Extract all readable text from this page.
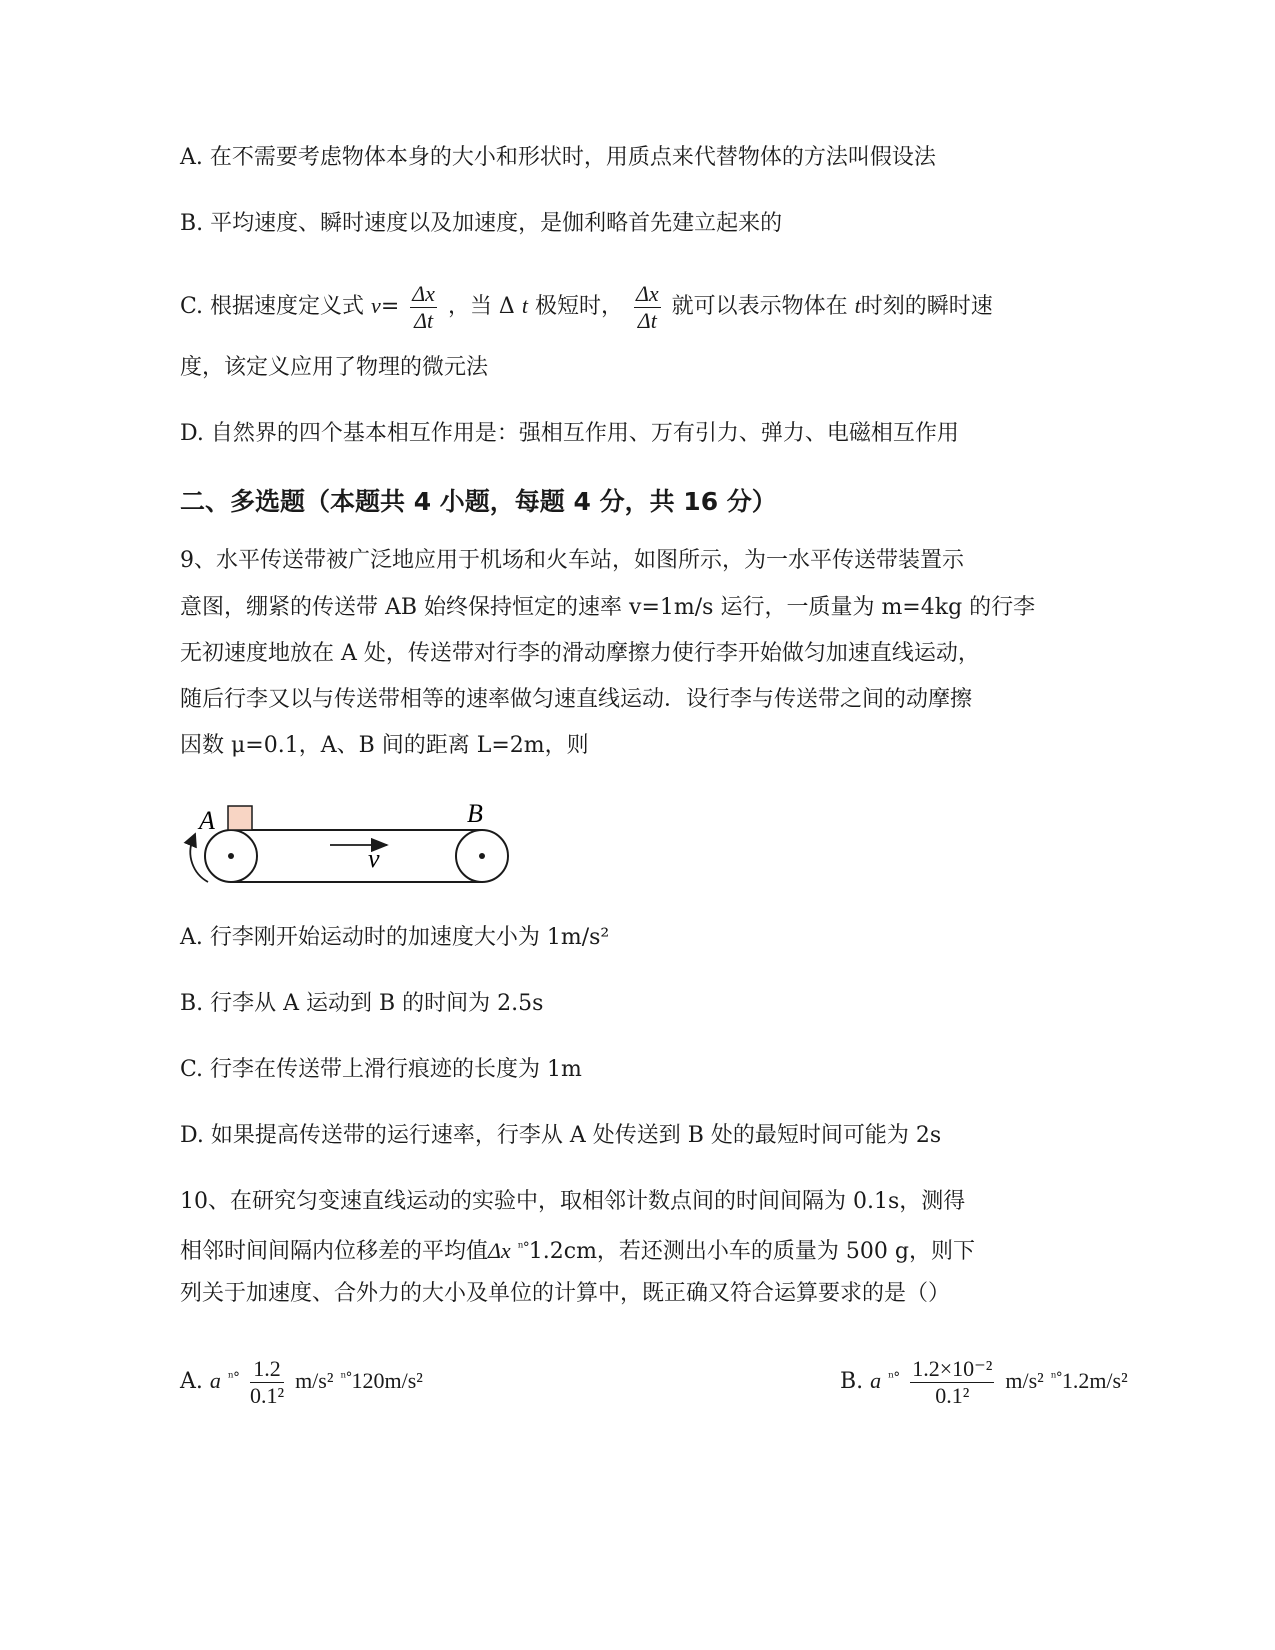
A. 在不需要考虑物体本身的大小和形状时，用质点来代替物体的方法叫假设法
B. 平均速度、瞬时速度以及加速度，是伽利略首先建立起来的
C. 根据速度定义式 $v= \frac{\Delta x}{\Delta t}$ ，当 Δ t 极短时， $\frac{\Delta x}{\Delta t}$ 就可以表示物体在 t时刻的瞬时速
度，该定义应用了物理的微元法
D. 自然界的四个基本相互作用是：强相互作用、万有引力、弹力、电磁相互作用
二、多选题（本题共 4 小题，每题 4 分，共 16 分）
9、水平传送带被广泛地应用于机场和火车站，如图所示，为一水平传送带装置示
意图，绷紧的传送带 AB 始终保持恒定的速率 v=1m/s 运行，一质量为 m=4kg 的行李
无初速度地放在 A 处，传送带对行李的滑动摩擦力使行李开始做匀加速直线运动，
随后行李又以与传送带相等的速率做匀速直线运动．设行李与传送带之间的动摩擦
因数 μ=0.1，A、B 间的距离 L=2m，则
A	B
v
A. 行李刚开始运动时的加速度大小为 1m/s²
B. 行李从 A 运动到 B 的时间为 2.5s
C. 行李在传送带上滑行痕迹的长度为 1m
D. 如果提高传送带的运行速率，行李从 A 处传送到 B 处的最短时间可能为 2s
10、在研究匀变速直线运动的实验中，取相邻计数点间的时间间隔为 0.1s，测得
相邻时间间隔内位移差的平均值Δx $^{^n^\circ}$1.2cm，若还测出小车的质量为 500 g，则下
列关于加速度、合外力的大小及单位的计算中，既正确又符合运算要求的是（）
A. a $^{^n^\circ} \frac{1.2}{\text{0.1²}} m/s^2$ $^{^n^\circ}$120m/s²	B. a $^{^n^\circ} \frac{\text{1.2×10⁻²}}{\text{0.1²}} m/s^2$ $^{^n^\circ}$1.2m/s²
